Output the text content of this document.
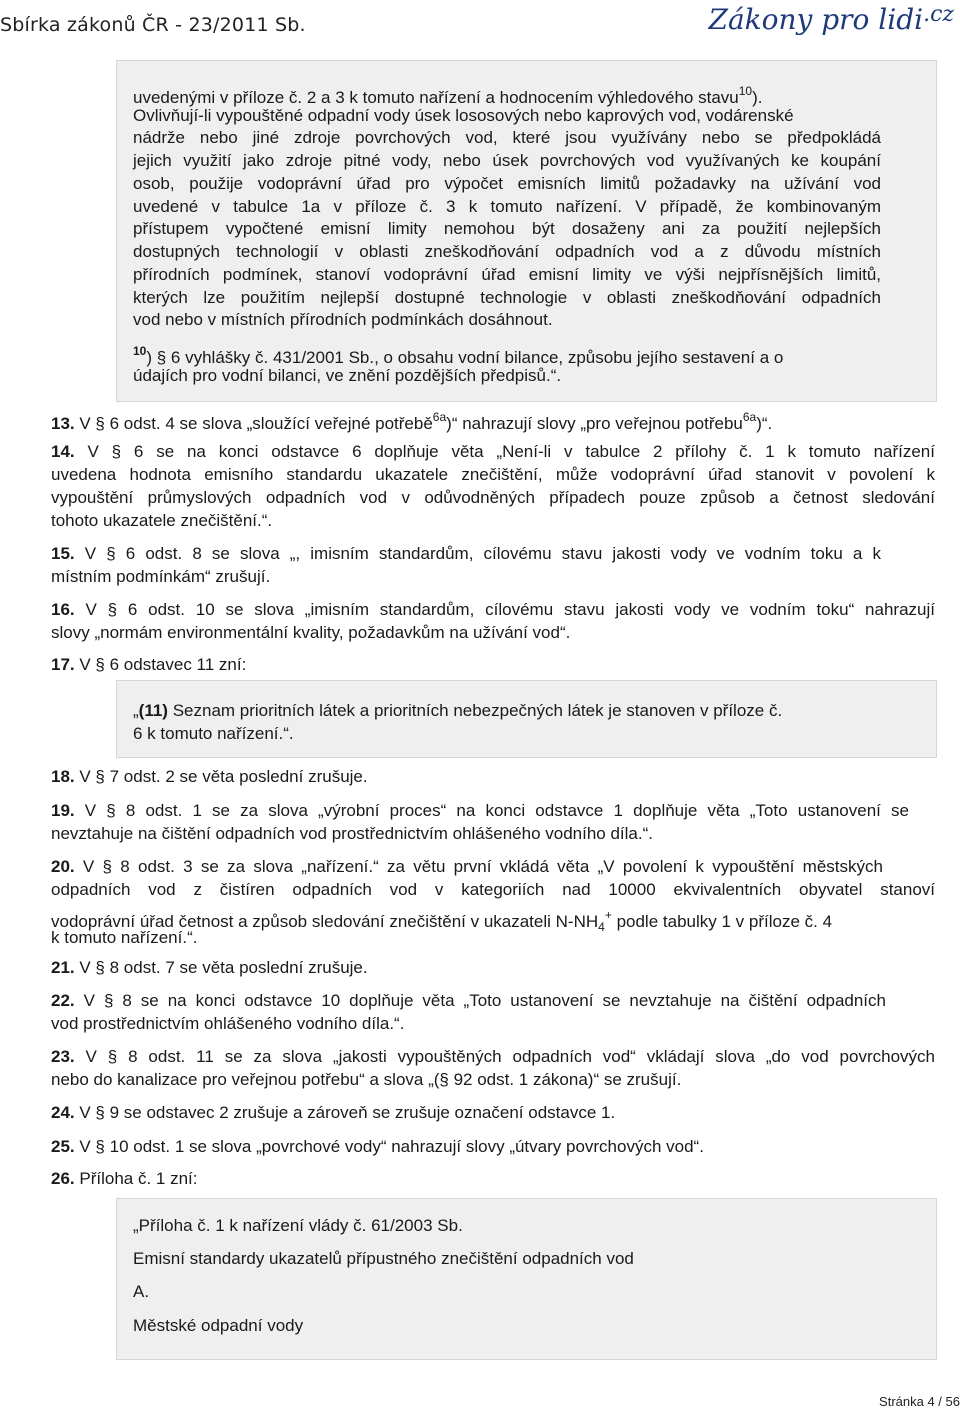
Sbírka zákonů ČR - 23/2011 Sb.	Zákony pro lidi$^{.cz}$
uvedenými v příloze č. 2 a 3 k tomuto nařízení a hodnocením výhledového stavu$^{10}$).
Ovlivňují-li vypouštěné odpadní vody úsek lososových nebo kaprových vod, vodárenské
nádrže nebo jiné zdroje povrchových vod, které jsou využívány nebo se předpokládá
jejich využití jako zdroje pitné vody, nebo úsek povrchových vod využívaných ke koupání
osob, použije vodoprávní úřad pro výpočet emisních limitů požadavky na užívání vod
uvedené v tabulce 1a v příloze č. 3 k tomuto nařízení. V případě, že kombinovaným
přístupem vypočtené emisní limity nemohou být dosaženy ani za použití nejlepších
dostupných technologií v oblasti zneškodňování odpadních vod a z důvodu místních
přírodních podmínek, stanoví vodoprávní úřad emisní limity ve výši nejpřísnějších limitů,
kterých lze použitím nejlepší dostupné technologie v oblasti zneškodňování odpadních
vod nebo v místních přírodních podmínkách dosáhnout.
$^{10}$) § 6 vyhlášky č. 431/2001 Sb., o obsahu vodní bilance, způsobu jejího sestavení a o
údajích pro vodní bilanci, ve znění pozdějších předpisů.“.
13. V § 6 odst. 4 se slova „sloužící veřejné potřebě$^{6a}$)“ nahrazují slovy „pro veřejnou potřebu$^{6a}$)“.
14. V § 6 se na konci odstavce 6 doplňuje věta „Není-li v tabulce 2 přílohy č. 1 k tomuto nařízení
uvedena hodnota emisního standardu ukazatele znečištění, může vodoprávní úřad stanovit v povolení k
vypouštění průmyslových odpadních vod v odůvodněných případech pouze způsob a četnost sledování
tohoto ukazatele znečištění.“.
15. V § 6 odst. 8 se slova „, imisním standardům, cílovému stavu jakosti vody ve vodním toku a k
místním podmínkám“ zrušují.
16. V § 6 odst. 10 se slova „imisním standardům, cílovému stavu jakosti vody ve vodním toku“ nahrazují
slovy „normám environmentální kvality, požadavkům na užívání vod“.
17. V § 6 odstavec 11 zní:
„(11) Seznam prioritních látek a prioritních nebezpečných látek je stanoven v příloze č.
6 k tomuto nařízení.“.
18. V § 7 odst. 2 se věta poslední zrušuje.
19. V § 8 odst. 1 se za slova „výrobní proces“ na konci odstavce 1 doplňuje věta „Toto ustanovení se
nevztahuje na čištění odpadních vod prostřednictvím ohlášeného vodního díla.“.
20. V § 8 odst. 3 se za slova „nařízení.“ za větu první vkládá věta „V povolení k vypouštění městských
odpadních vod z čistíren odpadních vod v kategoriích nad 10000 ekvivalentních obyvatel stanoví
vodoprávní úřad četnost a způsob sledování znečištění v ukazateli $N-NH_4^+$ podle tabulky 1 v příloze č. 4
k tomuto nařízení.“.
21. V § 8 odst. 7 se věta poslední zrušuje.
22. V § 8 se na konci odstavce 10 doplňuje věta „Toto ustanovení se nevztahuje na čištění odpadních
vod prostřednictvím ohlášeného vodního díla.“.
23. V § 8 odst. 11 se za slova „jakosti vypouštěných odpadních vod“ vkládají slova „do vod povrchových
nebo do kanalizace pro veřejnou potřebu“ a slova „(§ 92 odst. 1 zákona)“ se zrušují.
24. V § 9 se odstavec 2 zrušuje a zároveň se zrušuje označení odstavce 1.
25. V § 10 odst. 1 se slova „povrchové vody“ nahrazují slovy „útvary povrchových vod“.
26. Příloha č. 1 zní:
„Příloha č. 1 k nařízení vlády č. 61/2003 Sb.
Emisní standardy ukazatelů přípustného znečištění odpadních vod
A.
Městské odpadní vody
Stránka 4 / 56
